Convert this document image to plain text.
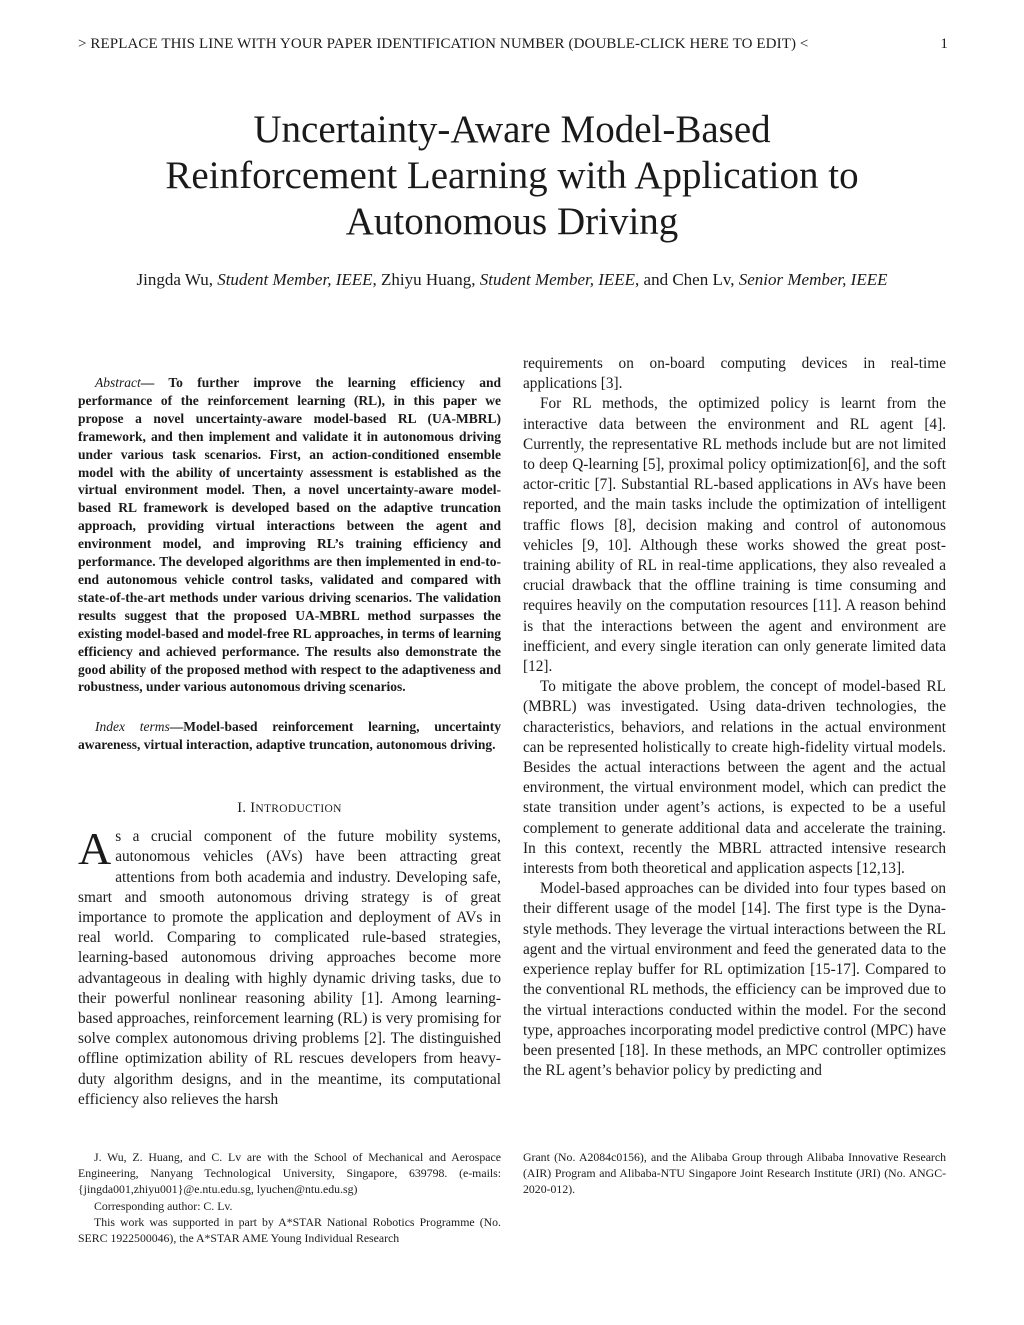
> REPLACE THIS LINE WITH YOUR PAPER IDENTIFICATION NUMBER (DOUBLE-CLICK HERE TO EDIT) <	1
Uncertainty-Aware Model-Based
Reinforcement Learning with Application to
Autonomous Driving
Jingda Wu, Student Member, IEEE, Zhiyu Huang, Student Member, IEEE, and Chen Lv, Senior Member, IEEE

Abstract— To further improve the learning efficiency and performance of the reinforcement learning (RL), in this paper we propose a novel uncertainty-aware model-based RL (UA-MBRL) framework, and then implement and validate it in autonomous driving under various task scenarios. First, an action-conditioned ensemble model with the ability of uncertainty assessment is established as the virtual environment model. Then, a novel uncertainty-aware model-based RL framework is developed based on the adaptive truncation approach, providing virtual interactions between the agent and environment model, and improving RL’s training efficiency and performance. The developed algorithms are then implemented in end-to-end autonomous vehicle control tasks, validated and compared with state-of-the-art methods under various driving scenarios. The validation results suggest that the proposed UA-MBRL method surpasses the existing model-based and model-free RL approaches, in terms of learning efficiency and achieved performance. The results also demonstrate the good ability of the proposed method with respect to the adaptiveness and robustness, under various autonomous driving scenarios.

Index terms—Model-based reinforcement learning, uncertainty awareness, virtual interaction, adaptive truncation, autonomous driving.

I. INTRODUCTION

As a crucial component of the future mobility systems, autonomous vehicles (AVs) have been attracting great attentions from both academia and industry. Developing safe, smart and smooth autonomous driving strategy is of great importance to promote the application and deployment of AVs in real world. Comparing to complicated rule-based strategies, learning-based autonomous driving approaches become more advantageous in dealing with highly dynamic driving tasks, due to their powerful nonlinear reasoning ability [1]. Among learning-based approaches, reinforcement learning (RL) is very promising for solve complex autonomous driving problems [2]. The distinguished offline optimization ability of RL rescues developers from heavy-duty algorithm designs, and in the meantime, its computational efficiency also relieves the harsh

requirements on on-board computing devices in real-time applications [3].

For RL methods, the optimized policy is learnt from the interactive data between the environment and RL agent [4]. Currently, the representative RL methods include but are not limited to deep Q-learning [5], proximal policy optimization[6], and the soft actor-critic [7]. Substantial RL-based applications in AVs have been reported, and the main tasks include the optimization of intelligent traffic flows [8], decision making and control of autonomous vehicles [9, 10]. Although these works showed the great post-training ability of RL in real-time applications, they also revealed a crucial drawback that the offline training is time consuming and requires heavily on the computation resources [11]. A reason behind is that the interactions between the agent and environment are inefficient, and every single iteration can only generate limited data [12].

To mitigate the above problem, the concept of model-based RL (MBRL) was investigated. Using data-driven technologies, the characteristics, behaviors, and relations in the actual environment can be represented holistically to create high-fidelity virtual models. Besides the actual interactions between the agent and the actual environment, the virtual environment model, which can predict the state transition under agent’s actions, is expected to be a useful complement to generate additional data and accelerate the training. In this context, recently the MBRL attracted intensive research interests from both theoretical and application aspects [12,13].

Model-based approaches can be divided into four types based on their different usage of the model [14]. The first type is the Dyna-style methods. They leverage the virtual interactions between the RL agent and the virtual environment and feed the generated data to the experience replay buffer for RL optimization [15-17]. Compared to the conventional RL methods, the efficiency can be improved due to the virtual interactions conducted within the model. For the second type, approaches incorporating model predictive control (MPC) have been presented [18]. In these methods, an MPC controller optimizes the RL agent’s behavior policy by predicting and

J. Wu, Z. Huang, and C. Lv are with the School of Mechanical and Aerospace Engineering, Nanyang Technological University, Singapore, 639798. (e-mails: {jingda001,zhiyu001}@e.ntu.edu.sg, lyuchen@ntu.edu.sg)

Corresponding author: C. Lv.

This work was supported in part by A*STAR National Robotics Programme (No. SERC 1922500046), the A*STAR AME Young Individual Research

Grant (No. A2084c0156), and the Alibaba Group through Alibaba Innovative Research (AIR) Program and Alibaba-NTU Singapore Joint Research Institute (JRI) (No. ANGC-2020-012).
